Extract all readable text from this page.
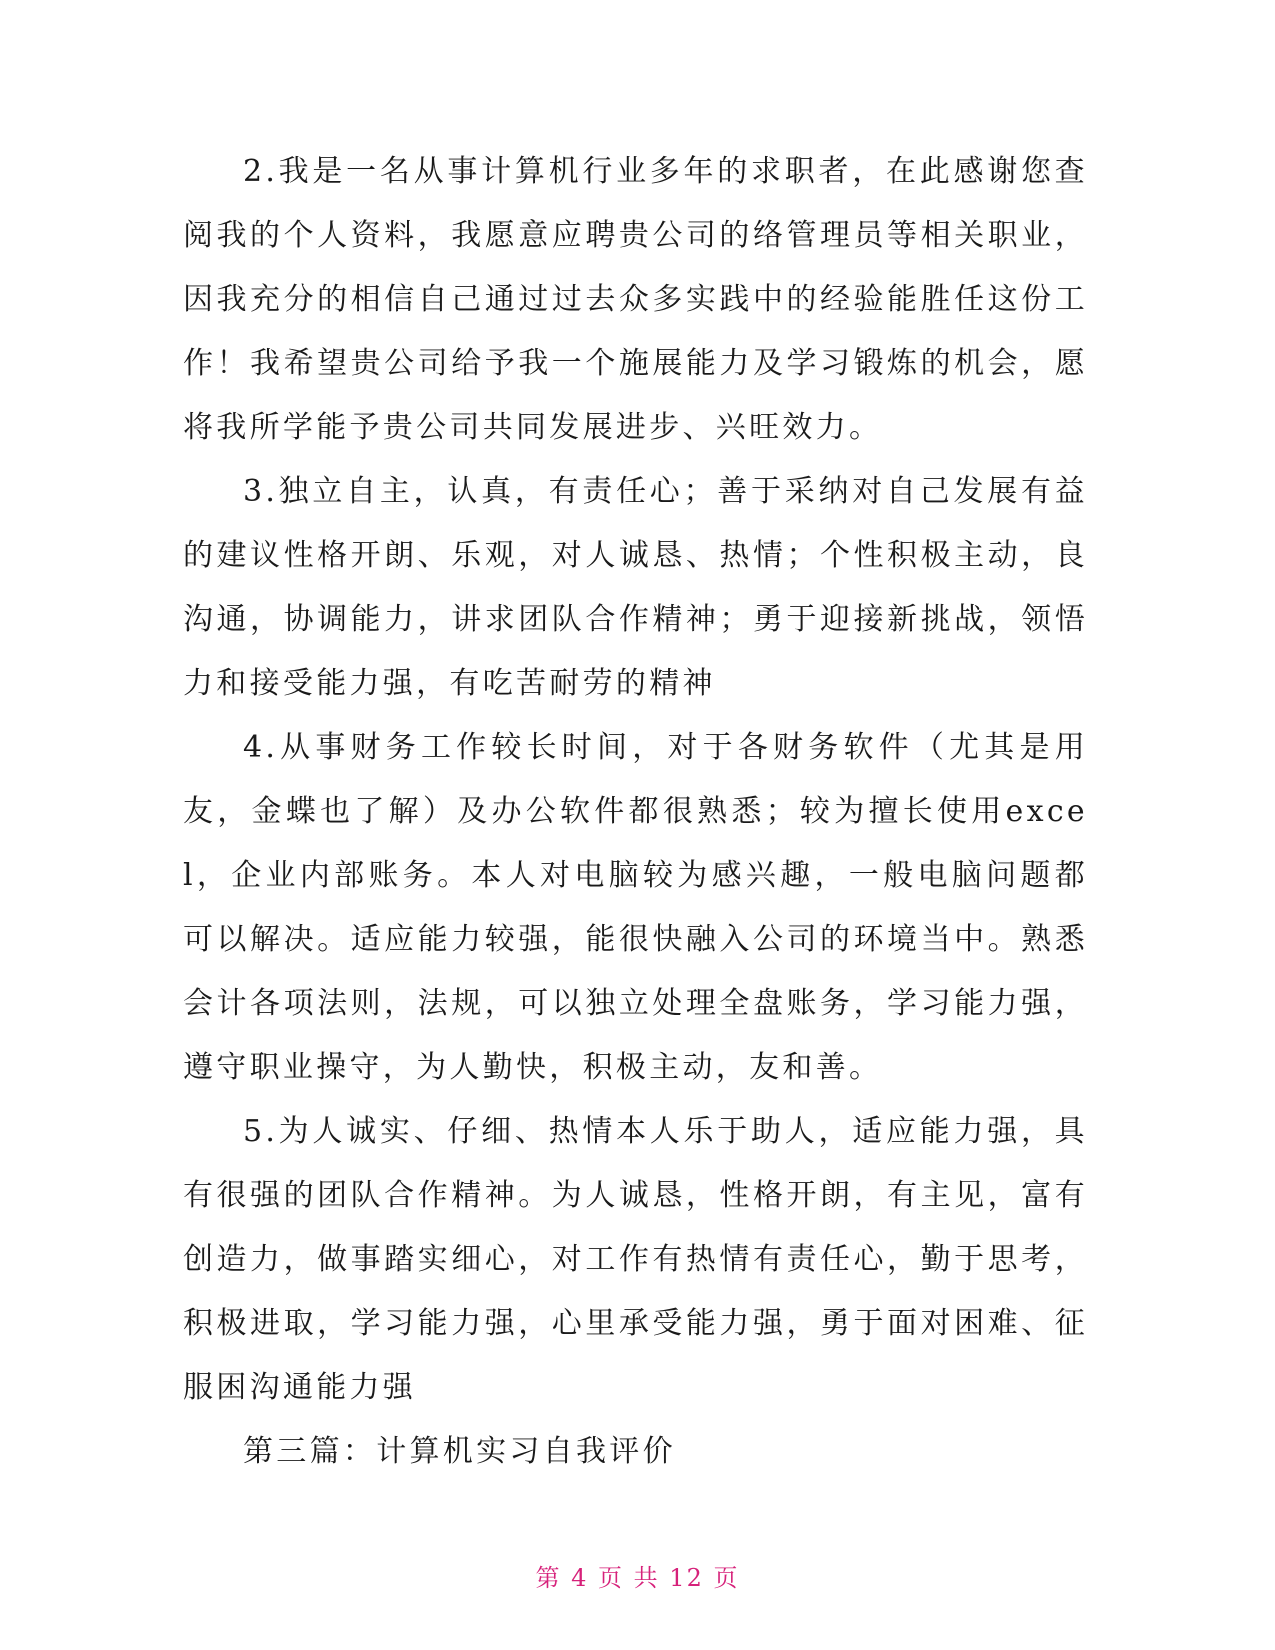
2.我是一名从事计算机行业多年的求职者，在此感谢您查阅我的个人资料，我愿意应聘贵公司的络管理员等相关职业，因我充分的相信自己通过过去众多实践中的经验能胜任这份工作！我希望贵公司给予我一个施展能力及学习锻炼的机会，愿将我所学能予贵公司共同发展进步、兴旺效力。

3.独立自主，认真，有责任心；善于采纳对自己发展有益的建议性格开朗、乐观，对人诚恳、热情；个性积极主动，良沟通，协调能力，讲求团队合作精神；勇于迎接新挑战，领悟力和接受能力强，有吃苦耐劳的精神

4.从事财务工作较长时间，对于各财务软件（尤其是用友，金蝶也了解）及办公软件都很熟悉；较为擅长使用excel，企业内部账务。本人对电脑较为感兴趣，一般电脑问题都可以解决。适应能力较强，能很快融入公司的环境当中。熟悉会计各项法则，法规，可以独立处理全盘账务，学习能力强，遵守职业操守，为人勤快，积极主动，友和善。

5.为人诚实、仔细、热情本人乐于助人，适应能力强，具有很强的团队合作精神。为人诚恳，性格开朗，有主见，富有创造力，做事踏实细心，对工作有热情有责任心，勤于思考，积极进取，学习能力强，心里承受能力强，勇于面对困难、征服困沟通能力强

第三篇：计算机实习自我评价

第 4 页 共 12 页
